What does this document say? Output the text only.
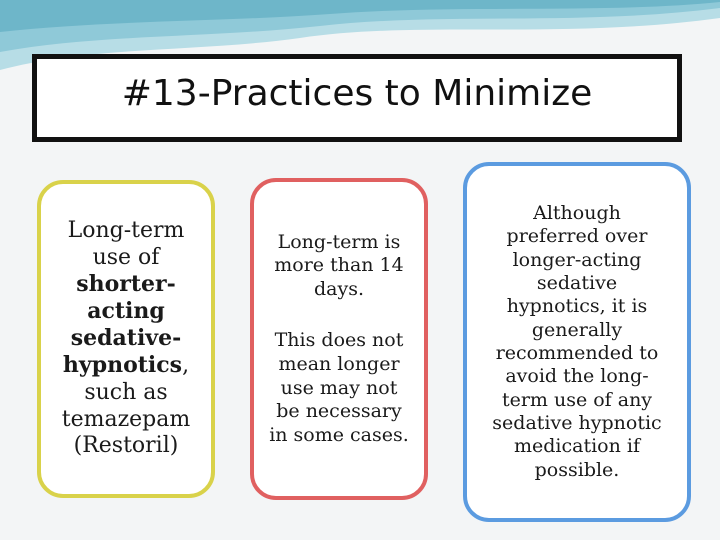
#13-Practices to Minimize
Long-term
use of
shorter-
acting
sedative-
hypnotics,
such as
temazepam
(Restoril)
Long-term is
more than 14
days.
This does not
mean longer
use may not
be necessary
in some cases.
Although
preferred over
longer-acting
sedative
hypnotics, it is
generally
recommended to
avoid the long-
term use of any
sedative hypnotic
medication if
possible.
